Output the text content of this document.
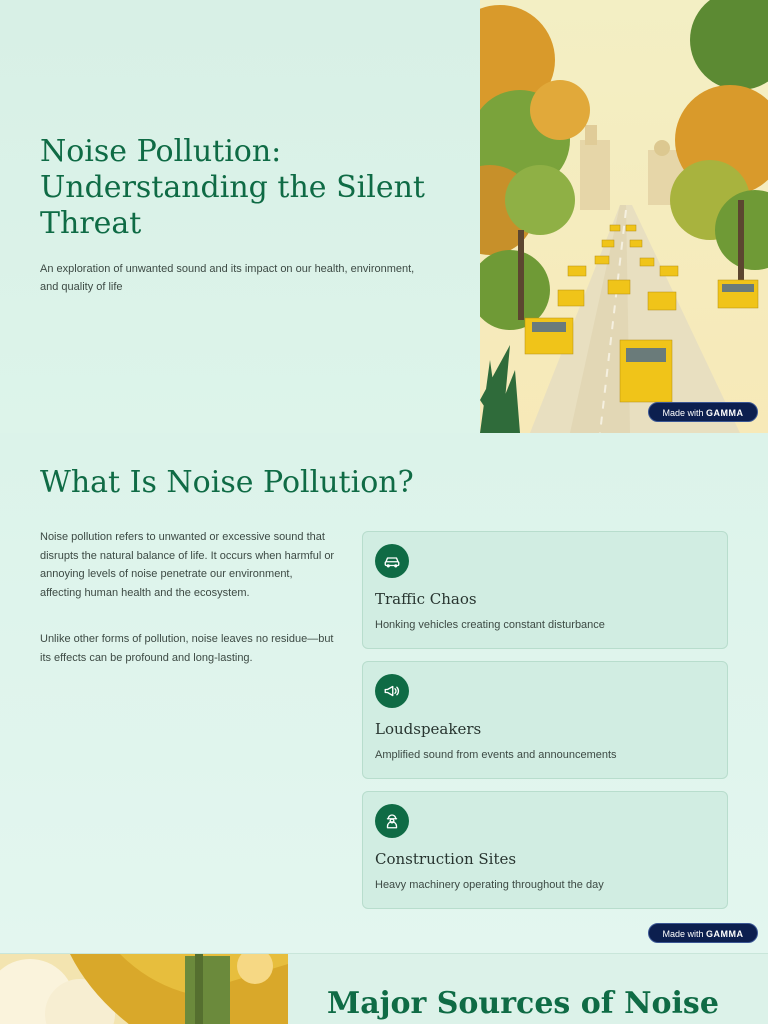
Noise Pollution: Understanding the Silent Threat

An exploration of unwanted sound and its impact on our health, environment, and quality of life

Made with GAMMA
What Is Noise Pollution?

Noise pollution refers to unwanted or excessive sound that disrupts the natural balance of life. It occurs when harmful or annoying levels of noise penetrate our environment, affecting human health and the ecosystem.

Unlike other forms of pollution, noise leaves no residue—but its effects can be profound and long-lasting.

Traffic Chaos
Honking vehicles creating constant disturbance
Loudspeakers
Amplified sound from events and announcements
Construction Sites
Heavy machinery operating throughout the day
Made with GAMMA
Major Sources of Noise
